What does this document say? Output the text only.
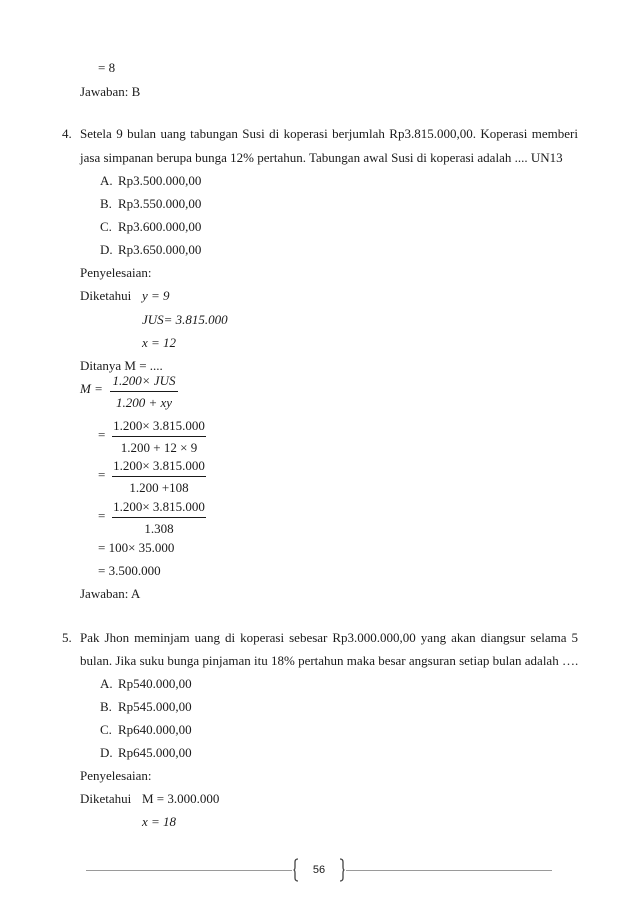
= 8
Jawaban: B
4. Setela 9 bulan uang tabungan Susi di koperasi berjumlah Rp3.815.000,00. Koperasi memberi
jasa simpanan berupa bunga 12% pertahun. Tabungan awal Susi di koperasi adalah .... UN13
A. Rp3.500.000,00
B. Rp3.550.000,00
C. Rp3.600.000,00
D. Rp3.650.000,00
Penyelesaian:
Diketahui y = 9
JUS= 3.815.000
x = 12
Ditanya M = ....
M =
1.200× JUS
1.200 + xy
=
1.200× 3.815.000
1.200 + 12 × 9
=
1.200× 3.815.000
1.200 +108
=
1.200× 3.815.000
1.308
= 100× 35.000
= 3.500.000
Jawaban: A
5. Pak Jhon meminjam uang di koperasi sebesar Rp3.000.000,00 yang akan diangsur selama 5
bulan. Jika suku bunga pinjaman itu 18% pertahun maka besar angsuran setiap bulan adalah ….
A. Rp540.000,00
B. Rp545.000,00
C. Rp640.000,00
D. Rp645.000,00
Penyelesaian:
Diketahui M = 3.000.000
x = 18
56
